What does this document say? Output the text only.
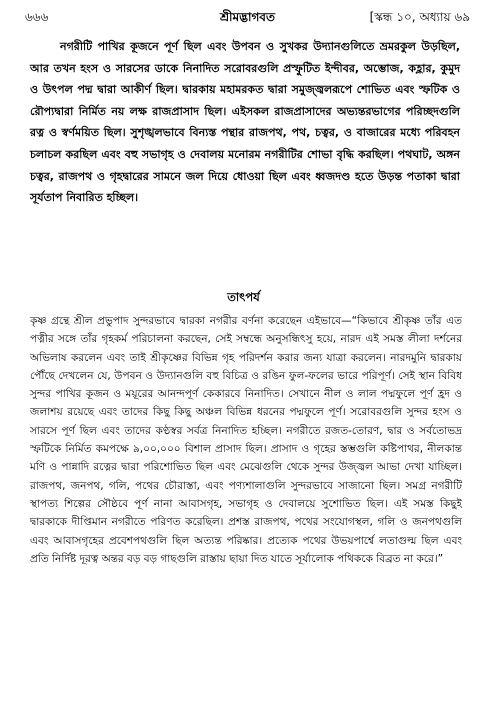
৬৬৬	শ্রীমদ্ভাগবত	[স্কন্ধ ১০, অধ্যায় ৬৯

নগরীটি পাখির কূজনে পূর্ণ ছিল এবং উপবন ও সুখকর উদ্যানগুলিতে ভ্রমরকুল উড়ছিল, আর তখন হংস ও সারসের ডাকে নিনাদিত সরোবরগুলি প্রস্ফুটিত ইন্দীবর, অম্ভোজ, কহ্লার, কুমুদ ও উৎপল পদ্ম দ্বারা আকীর্ণ ছিল। দ্বারকায় মহামরকত দ্বারা সমুজ্জ্বলরূপে শোভিত এবং স্ফটিক ও রৌপ্যদ্বারা নির্মিত নয় লক্ষ রাজপ্রাসাদ ছিল। এইসকল রাজপ্রাসাদের অভ্যন্তরভাগের পরিচ্ছদগুলি রত্ন ও স্বর্ণময়িত ছিল। সুশৃঙ্খলভাবে বিন্যস্ত পন্থার রাজপথ, পথ, চত্বর, ও বাজারের মধ্যে পরিবহন চলাচল করছিল এবং বহু সভাগৃহ ও দেবালয় মনোরম নগরীটির শোভা বৃদ্ধি করছিল। পথঘাট, অঙ্গন চত্বর, রাজপথ ও গৃহদ্বারের সামনে জল দিয়ে ধোওয়া ছিল এবং ধ্বজদণ্ড হতে উড়ন্ত পতাকা দ্বারা সূর্যতাপ নিবারিত হচ্ছিল।

তাৎপর্য

কৃষ্ণ গ্রন্থে শ্রীল প্রভুপাদ সুন্দরভাবে দ্বারকা নগরীর বর্ণনা করেছেন এইভাবে—“কিভাবে শ্রীকৃষ্ণ তাঁর এত পত্নীর সঙ্গে তাঁর গৃহকর্ম পরিচালনা করছেন, সেই সম্বন্ধে অনুসন্ধিৎসু হয়ে, নারদ এই সমস্ত লীলা দর্শনের অভিলাষ করলেন এবং তাই শ্রীকৃষ্ণের বিভিন্ন গৃহ পরিদর্শন করার জন্য যাত্রা করলেন। নারদমুনি দ্বারকায় পৌঁছে দেখলেন যে, উপবন ও উদ্যানগুলি বহু বিচিত্র ও রঙিন ফুল-ফলের ভারে পরিপূর্ণ। সেই স্থান বিবিধ সুন্দর পাখির কূজন ও ময়ূরের আনন্দপূর্ণ কেকারবে নিনাদিত। সেখানে নীল ও লাল পদ্মফুলে পূর্ণ হ্রদ ও জলাশয় রয়েছে এবং তাদের কিছু কিছু অঞ্চল বিভিন্ন ধরনের পদ্মফুলে পূর্ণ। সরোবরগুলি সুন্দর হংস ও সারসে পূর্ণ ছিল এবং তাদের কণ্ঠস্বর সর্বত্র নিনাদিত হচ্ছিল। নগরীতে রজত-তোরণ, দ্বার ও সর্বতোভদ্র স্ফটিকে নির্মিত কমপক্ষে ৯,০০,০০০ বিশাল প্রাসাদ ছিল। প্রাসাদ ও গৃহের স্তম্ভগুলি কষ্টিপাথর, নীলকান্ত মণি ও পান্নাদি রত্নের দ্বারা পরিশোভিত ছিল এবং মেঝেগুলি থেকে সুন্দর উজ্জ্বল আভা দেখা যাচ্ছিল। রাজপথ, জনপথ, গলি, পথের চৌরাস্তা, এবং পণ্যশালাগুলি সুন্দরভাবে সাজানো ছিল। সমগ্র নগরীটি স্থাপত্য শিল্পের সৌষ্ঠবে পূর্ণ নানা আবাসগৃহ, সভাগৃহ ও দেবালয়ে সুশোভিত ছিল। এই সমস্ত কিছুই দ্বারকাকে দীপ্তিমান নগরীতে পরিণত করেছিল। প্রশস্ত রাজপথ, পথের সংযোগস্থল, গলি ও জনপথগুলি এবং আবাসগৃহের প্রবেশপথগুলি ছিল অত্যন্ত পরিষ্কার। প্রত্যেক পথের উভয়পার্শ্বে লতাগুল্ম ছিল এবং প্রতি নির্দিষ্ট দূরত্ব অন্তর বড় বড় গাছগুলি রাস্তায় ছায়া দিত যাতে সূর্যালোক পথিককে বিব্রত না করে।”
